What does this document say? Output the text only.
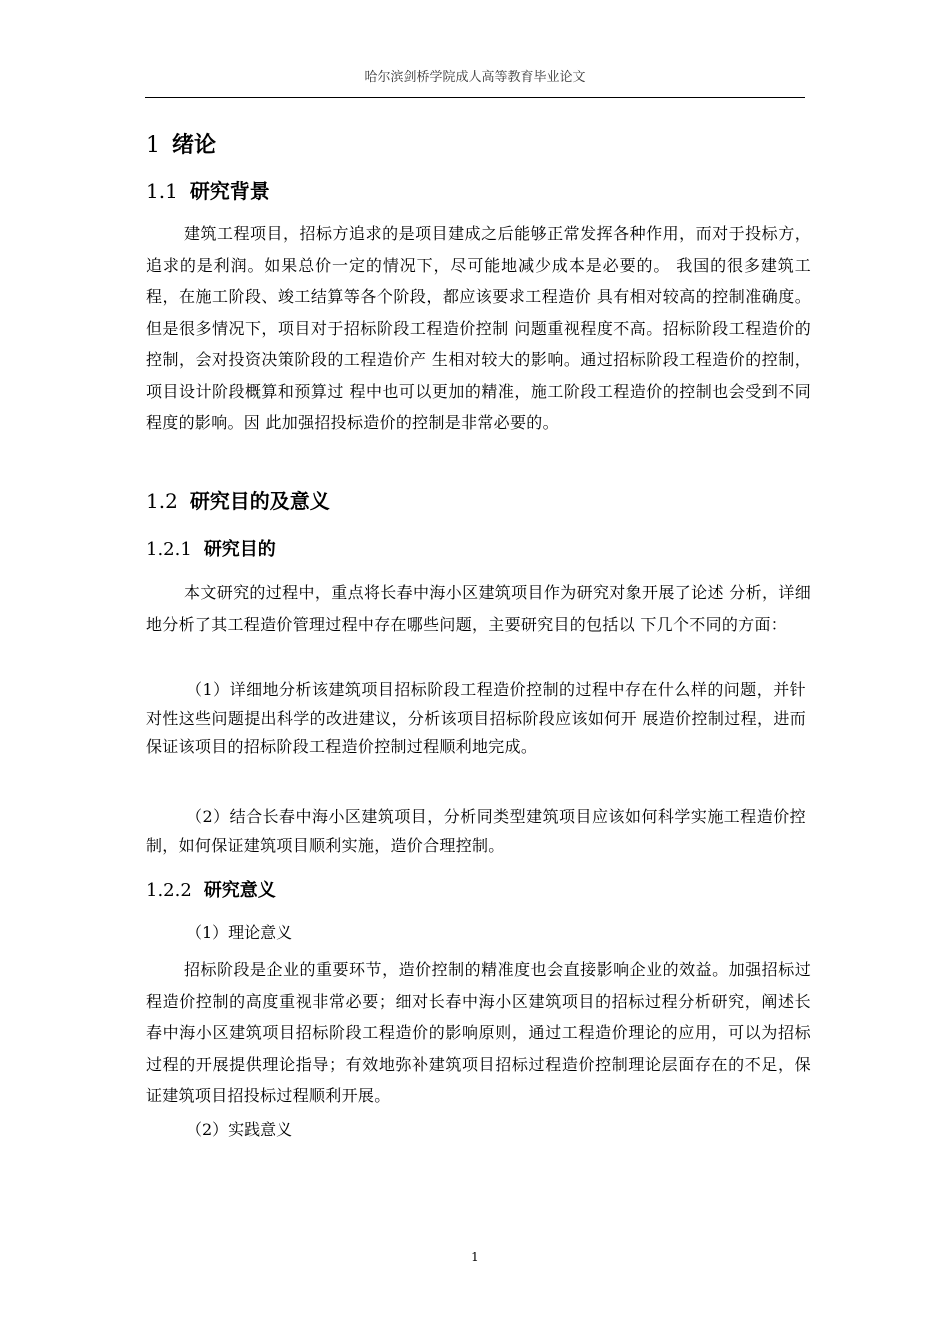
哈尔滨剑桥学院成人高等教育毕业论文
1 绪论
1.1 研究背景

建筑工程项目，招标方追求的是项目建成之后能够正常发挥各种作用，而对于投标方，追求的是利润。如果总价一定的情况下，尽可能地减少成本是必要的。 我国的很多建筑工程，在施工阶段、竣工结算等各个阶段，都应该要求工程造价 具有相对较高的控制准确度。但是很多情况下，项目对于招标阶段工程造价控制 问题重视程度不高。招标阶段工程造价的控制，会对投资决策阶段的工程造价产 生相对较大的影响。通过招标阶段工程造价的控制，项目设计阶段概算和预算过 程中也可以更加的精准，施工阶段工程造价的控制也会受到不同程度的影响。因 此加强招投标造价的控制是非常必要的。

1.2 研究目的及意义
1.2.1 研究目的

本文研究的过程中，重点将长春中海小区建筑项目作为研究对象开展了论述 分析，详细地分析了其工程造价管理过程中存在哪些问题，主要研究目的包括以 下几个不同的方面：

（1）详细地分析该建筑项目招标阶段工程造价控制的过程中存在什么样的问题，并针对性这些问题提出科学的改进建议，分析该项目招标阶段应该如何开 展造价控制过程，进而保证该项目的招标阶段工程造价控制过程顺利地完成。

（2）结合长春中海小区建筑项目，分析同类型建筑项目应该如何科学实施工程造价控制，如何保证建筑项目顺利实施，造价合理控制。

1.2.2 研究意义
（1）理论意义

招标阶段是企业的重要环节，造价控制的精准度也会直接影响企业的效益。加强招标过程造价控制的高度重视非常必要；细对长春中海小区建筑项目的招标过程分析研究，阐述长春中海小区建筑项目招标阶段工程造价的影响原则，通过工程造价理论的应用，可以为招标过程的开展提供理论指导；有效地弥补建筑项目招标过程造价控制理论层面存在的不足，保证建筑项目招投标过程顺利开展。

（2）实践意义
1
